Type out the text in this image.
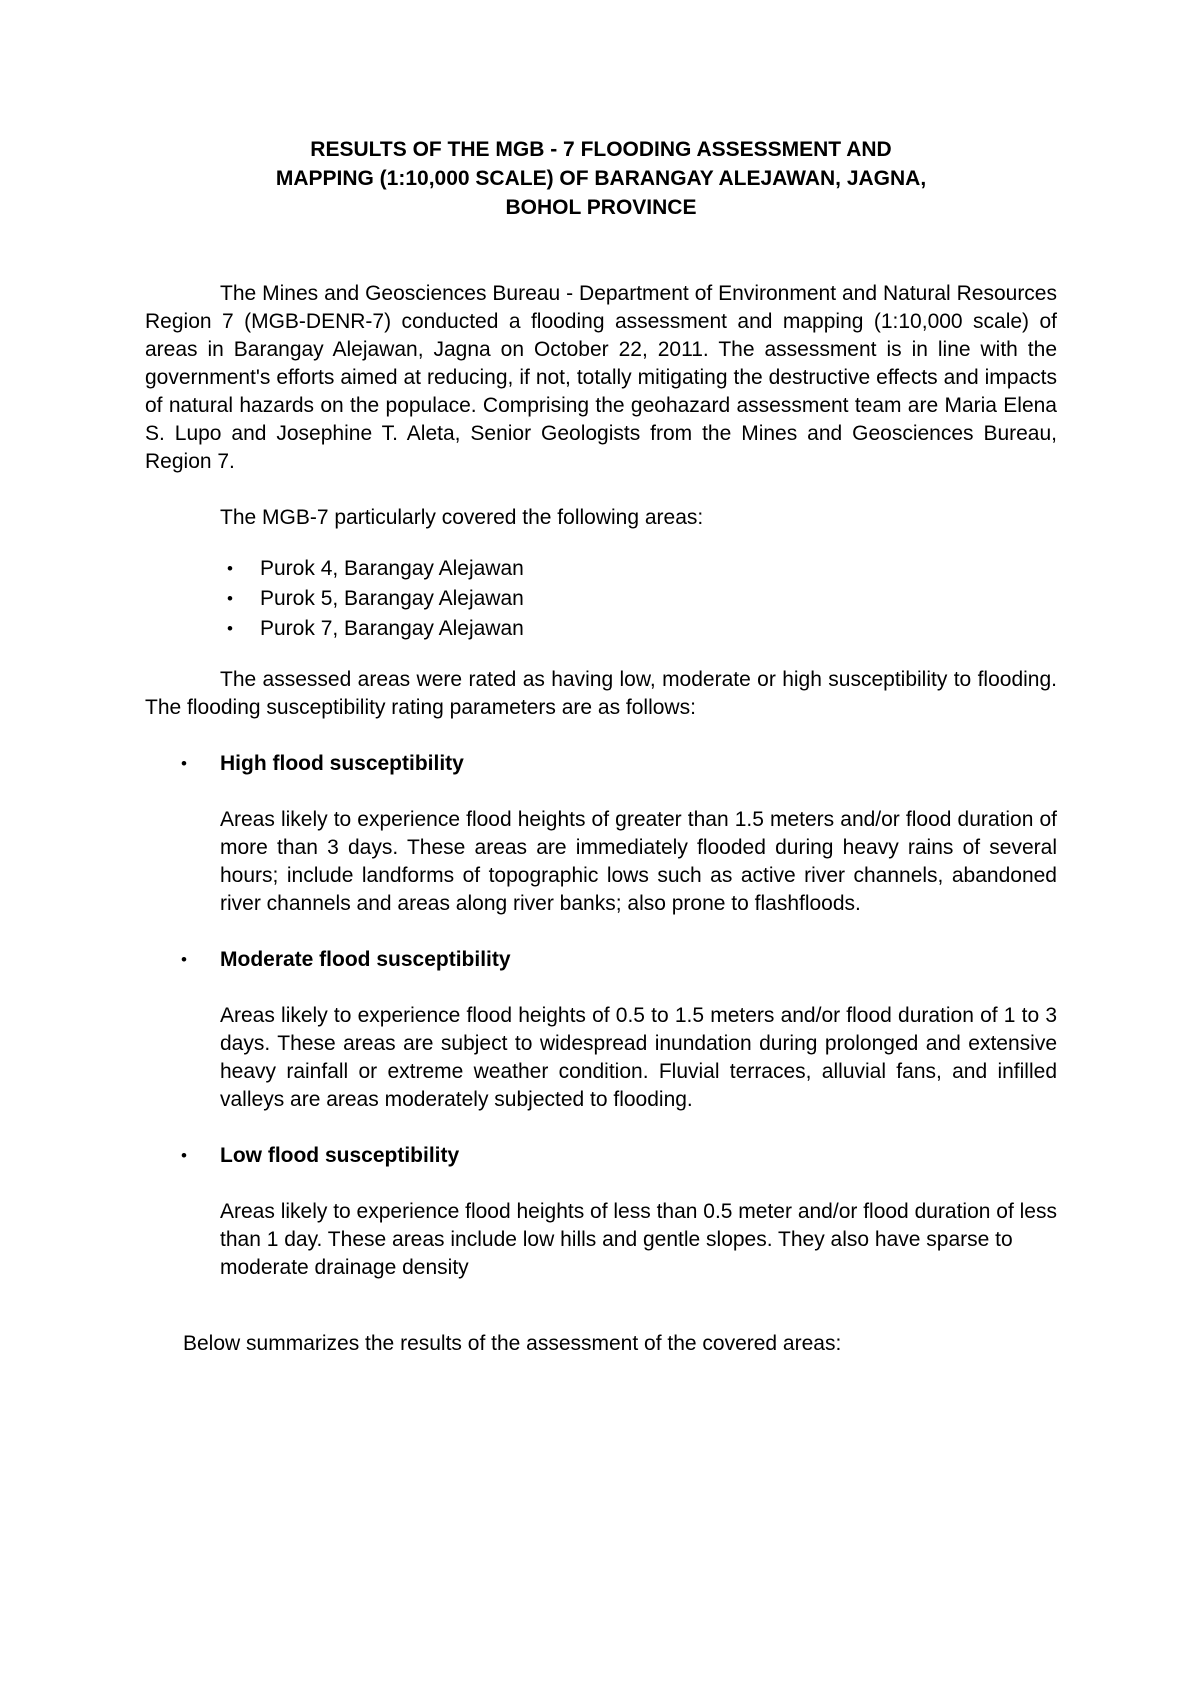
RESULTS OF THE MGB - 7 FLOODING ASSESSMENT AND
MAPPING (1:10,000 SCALE) OF BARANGAY ALEJAWAN, JAGNA,
BOHOL PROVINCE

The Mines and Geosciences Bureau - Department of Environment and Natural Resources Region 7 (MGB-DENR-7) conducted a flooding assessment and mapping (1:10,000 scale) of areas in Barangay Alejawan, Jagna on October 22, 2011. The assessment is in line with the government's efforts aimed at reducing, if not, totally mitigating the destructive effects and impacts of natural hazards on the populace. Comprising the geohazard assessment team are Maria Elena S. Lupo and Josephine T. Aleta, Senior Geologists from the Mines and Geosciences Bureau, Region 7.

The MGB-7 particularly covered the following areas:

•	Purok 4, Barangay Alejawan
•	Purok 5, Barangay Alejawan
•	Purok 7, Barangay Alejawan

The assessed areas were rated as having low, moderate or high susceptibility to flooding. The flooding susceptibility rating parameters are as follows:

•	High flood susceptibility

Areas likely to experience flood heights of greater than 1.5 meters and/or flood duration of more than 3 days. These areas are immediately flooded during heavy rains of several hours; include landforms of topographic lows such as active river channels, abandoned river channels and areas along river banks; also prone to flashfloods.

•	Moderate flood susceptibility

Areas likely to experience flood heights of 0.5 to 1.5 meters and/or flood duration of 1 to 3 days. These areas are subject to widespread inundation during prolonged and extensive heavy rainfall or extreme weather condition. Fluvial terraces, alluvial fans, and infilled valleys are areas moderately subjected to flooding.

•	Low flood susceptibility

Areas likely to experience flood heights of less than 0.5 meter and/or flood duration of less than 1 day. These areas include low hills and gentle slopes. They also have sparse to moderate drainage density

Below summarizes the results of the assessment of the covered areas:
